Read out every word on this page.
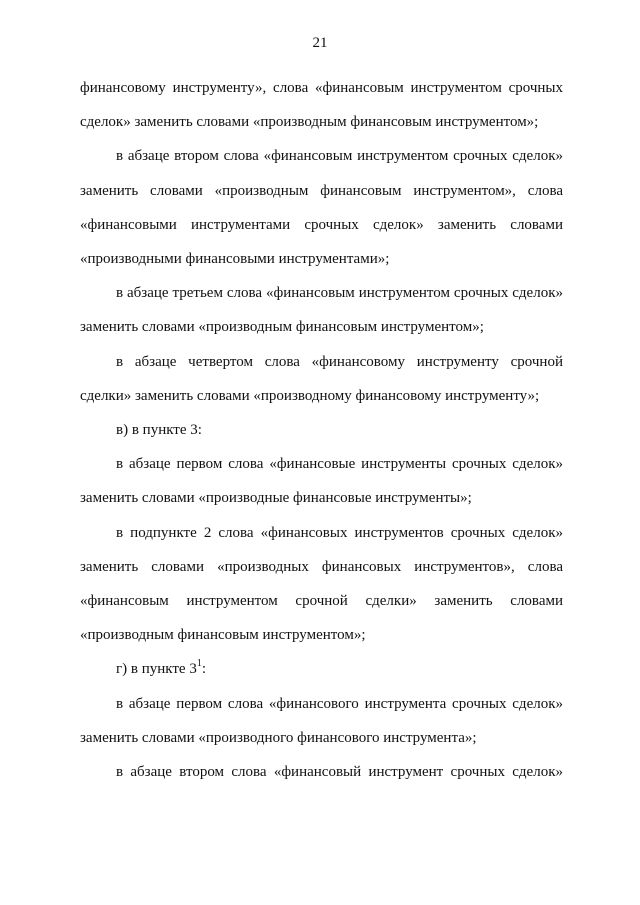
21

финансовому инструменту», слова «финансовым инструментом срочных сделок» заменить словами «производным финансовым инструментом»;

в абзаце втором слова «финансовым инструментом срочных сделок» заменить словами «производным финансовым инструментом», слова «финансовыми инструментами срочных сделок» заменить словами «производными финансовыми инструментами»;

в абзаце третьем слова «финансовым инструментом срочных сделок» заменить словами «производным финансовым инструментом»;

в абзаце четвертом слова «финансовому инструменту срочной сделки» заменить словами «производному финансовому инструменту»;

в) в пункте 3:

в абзаце первом слова «финансовые инструменты срочных сделок» заменить словами «производные финансовые инструменты»;

в подпункте 2 слова «финансовых инструментов срочных сделок» заменить словами «производных финансовых инструментов», слова «финансовым инструментом срочной сделки» заменить словами «производным финансовым инструментом»;

г) в пункте $3^1$:

в абзаце первом слова «финансового инструмента срочных сделок» заменить словами «производного финансового инструмента»;

в абзаце втором слова «финансовый инструмент срочных сделок»
